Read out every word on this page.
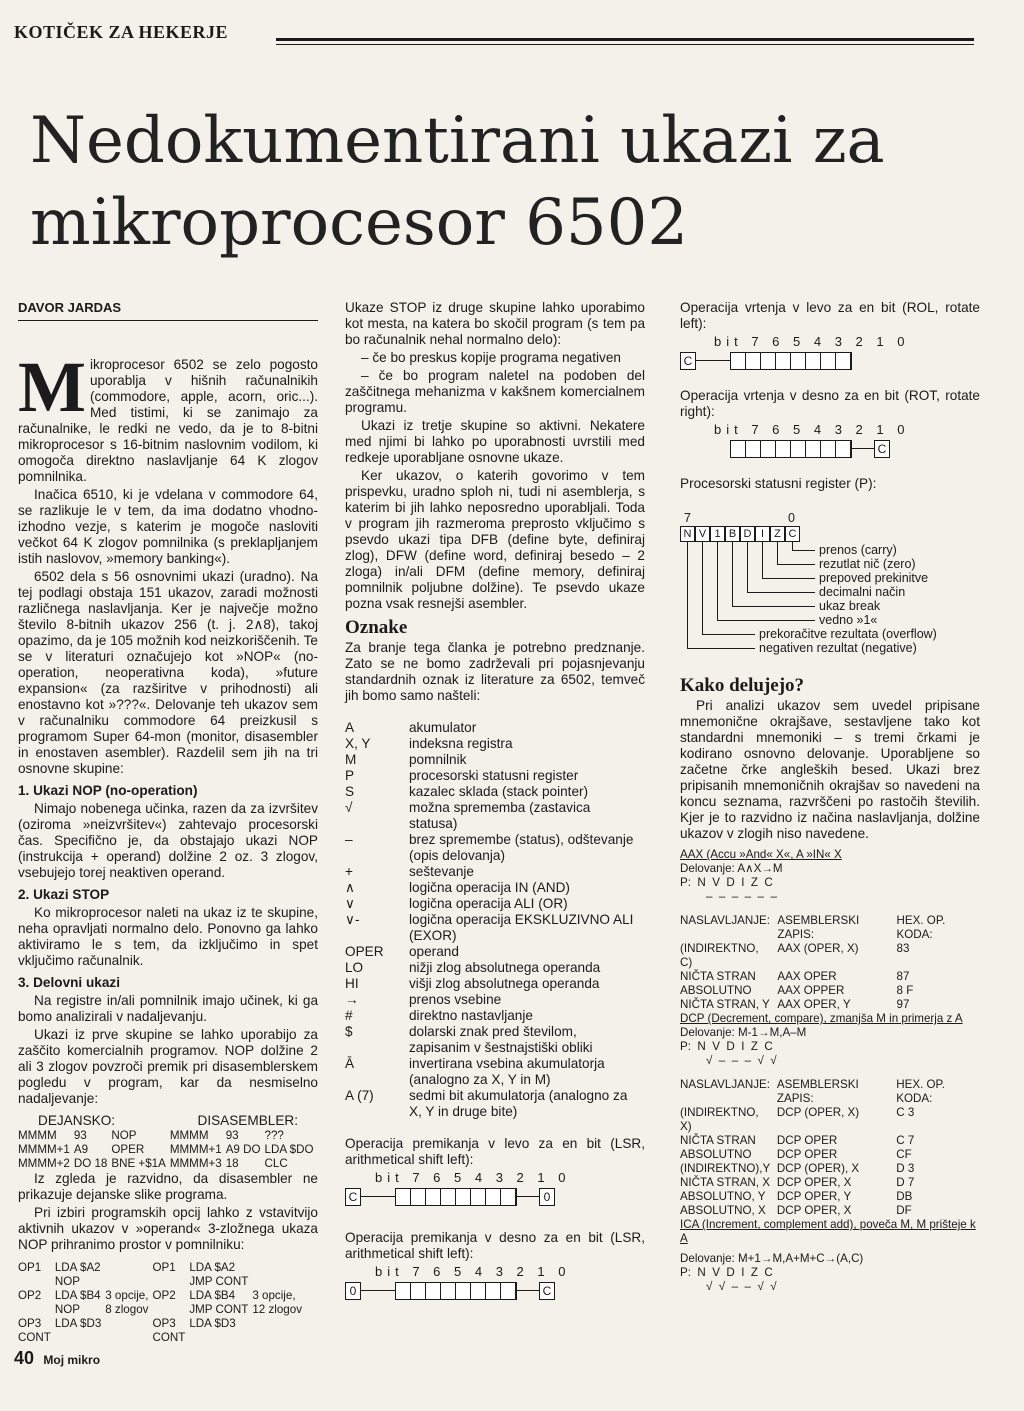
KOTIČEK ZA HEKERJE
Nedokumentirani ukazi za
mikroprocesor 6502
DAVOR JARDAS

Mikroprocesor 6502 se zelo pogosto uporablja v hišnih računalnikih (commodore, apple, acorn, oric...). Med tistimi, ki se zanimajo za računalnike, le redki ne vedo, da je to 8-bitni mikroprocesor s 16-bitnim naslovnim vodilom, ki omogoča direktno naslavljanje 64 K zlogov pomnilnika.

Inačica 6510, ki je vdelana v commodore 64, se razlikuje le v tem, da ima dodatno vhodno-izhodno vezje, s katerim je mogoče nasloviti večkot 64 K zlogov pomnilnika (s preklapljanjem istih naslovov, »memory banking«).

6502 dela s 56 osnovnimi ukazi (uradno). Na tej podlagi obstaja 151 ukazov, zaradi možnosti različnega naslavljanja. Ker je največje možno število 8-bitnih ukazov 256 (t. j. 2∧8), takoj opazimo, da je 105 možnih kod neizkoriščenih. Te se v literaturi označujejo kot »NOP« (no-operation, neoperativna koda), »future expansion« (za razširitve v prihodnosti) ali enostavno kot »???«. Delovanje teh ukazov sem v računalniku commodore 64 preizkusil s programom Super 64-mon (monitor, disasembler in enostaven asembler). Razdelil sem jih na tri osnovne skupine:

1. Ukazi NOP (no-operation)

Nimajo nobenega učinka, razen da za izvršitev (oziroma »neizvršitev«) zahtevajo procesorski čas. Specifično je, da obstajajo ukazi NOP (instrukcija + operand) dolžine 2 oz. 3 zlogov, vsebujejo torej neaktiven operand.

2. Ukazi STOP

Ko mikroprocesor naleti na ukaz iz te skupine, neha opravljati normalno delo. Ponovno ga lahko aktiviramo le s tem, da izključimo in spet vključimo računalnik.

3. Delovni ukazi

Na registre in/ali pomnilnik imajo učinek, ki ga bomo analizirali v nadaljevanju.

Ukazi iz prve skupine se lahko uporabijo za zaščito komercialnih programov. NOP dolžine 2 ali 3 zlogov povzroči premik pri disasemblerskem pogledu v program, kar da nesmiselno nadaljevanje:

DEJANSKO:	DISASEMBLER:
MMMM	93	NOP	MMMM	93	???
MMMM+1	A9	OPER	MMMM+1	A9 DO	LDA $DO
MMMM+2	DO 18	BNE +$1A	MMMM+3	18	CLC

Iz zgleda je razvidno, da disasembler ne prikazuje dejanske slike programa.

Pri izbiri programskih opcij lahko z vstavitvijo aktivnih ukazov v »operand« 3-zložnega ukaza NOP prihranimo prostor v pomnilniku:

OP1	LDA $A2		OP1	LDA $A2	
	NOP			JMP CONT	
OP2	LDA $B4	3 opcije,	OP2	LDA $B4	3 opcije,
	NOP	8 zlogov		JMP CONT	12 zlogov
OP3	LDA $D3		OP3	LDA $D3	
CONT			CONT		

Ukaze STOP iz druge skupine lahko uporabimo kot mesta, na katera bo skočil program (s tem pa bo računalnik nehal normalno delo):

– če bo preskus kopije programa negativen

– če bo program naletel na podoben del zaščitnega mehanizma v kakšnem komercialnem programu.

Ukazi iz tretje skupine so aktivni. Nekatere med njimi bi lahko po uporabnosti uvrstili med redkeje uporabljane osnovne ukaze.

Ker ukazov, o katerih govorimo v tem prispevku, uradno sploh ni, tudi ni asemblerja, s katerim bi jih lahko neposredno uporabljali. Toda v program jih razmeroma preprosto vključimo s psevdo ukazi tipa DFB (define byte, definiraj zlog), DFW (define word, definiraj besedo – 2 zloga) in/ali DFM (define memory, definiraj pomnilnik poljubne dolžine). Te psevdo ukaze pozna vsak resnejši asembler.

Oznake

Za branje tega članka je potrebno predznanje. Zato se ne bomo zadrževali pri pojasnjevanju standardnih oznak iz literature za 6502, temveč jih bomo samo našteli:

A	akumulator
X, Y	indeksna registra
M	pomnilnik
P	procesorski statusni register
S	kazalec sklada (stack pointer)
√	možna sprememba (zastavica statusa)
–	brez spremembe (status), odštevanje (opis delovanja)
+	seštevanje
∧	logična operacija IN (AND)
∨	logična operacija ALI (OR)
∨-	logična operacija EKSKLUZIVNO ALI (EXOR)
OPER	operand
LO	nižji zlog absolutnega operanda
HI	višji zlog absolutnega operanda
→	prenos vsebine
#	direktno nastavljanje
$	dolarski znak pred številom, zapisanim v šestnajstiški obliki
Ā	invertirana vsebina akumulatorja (analogno za X, Y in M)
A (7)	sedmi bit akumulatorja (analogno za X, Y in druge bite)

Operacija premikanja v levo za en bit (LSR, arithmetical shift left):

bit 7 6 5 4 3 2 1 0
C	0

Operacija premikanja v desno za en bit (LSR, arithmetical shift left):

bit 7 6 5 4 3 2 1 0
0	C

Operacija vrtenja v levo za en bit (ROL, rotate left):

bit 7 6 5 4 3 2 1 0
C

Operacija vrtenja v desno za en bit (ROT, rotate right):

bit 7 6 5 4 3 2 1 0
C

Procesorski statusni register (P):

7	0
N V 1 B D I Z C
prenos (carry)
rezutlat nič (zero)
prepoved prekinitve
decimalni način
ukaz break
vedno »1«
prekoračitve rezultata (overflow)
negativen rezultat (negative)
Kako delujejo?

Pri analizi ukazov sem uvedel pripisane mnemonične okrajšave, sestavljene tako kot standardni mnemoniki – s tremi črkami je kodirano osnovno delovanje. Uporabljene so začetne črke angleških besed. Ukazi brez pripisanih mnemoničnih okrajšav so navedeni na koncu seznama, razvrščeni po rastočih številih. Kjer je to razvidno iz načina naslavljanja, dolžine ukazov v zlogih niso navedene.

AAX (Accu »And« X«, A »IN« X
Delovanje: A∧X→M
P:  N  V  D  I  Z  C
–  –  –  –  –  –
NASLAVLJANJE:	ASEMBLERSKI ZAPIS:	HEX. OP. KODA:
(INDIREKTNO, C)	AAX (OPER, X)	83
NIČTA STRAN	AAX OPER	87
ABSOLUTNO	AAX OPPER	8 F
NIČTA STRAN, Y	AAX OPER, Y	97
DCP (Decrement, compare), zmanjša M in primerja z A
Delovanje: M-1→M,A–M
P:  N  V  D  I  Z  C
√  –  –  –  √  √
NASLAVLJANJE:	ASEMBLERSKI ZAPIS:	HEX. OP. KODA:
(INDIREKTNO, X)	DCP (OPER, X)	C 3
NIČTA STRAN	DCP OPER	C 7
ABSOLUTNO	DCP OPER	CF
(INDIREKTNO),Y	DCP (OPER), X	D 3
NIČTA STRAN, X	DCP OPER, X	D 7
ABSOLUTNO, Y	DCP OPER, Y	DB
ABSOLUTNO, X	DCP OPER, X	DF
ICA (Increment, complement add), poveča M, M prišteje k A
Delovanje: M+1→M,A+M+C→(A,C)
P:  N  V  D  I  Z  C
√  √  –  –  √  √
40 Moj mikro
